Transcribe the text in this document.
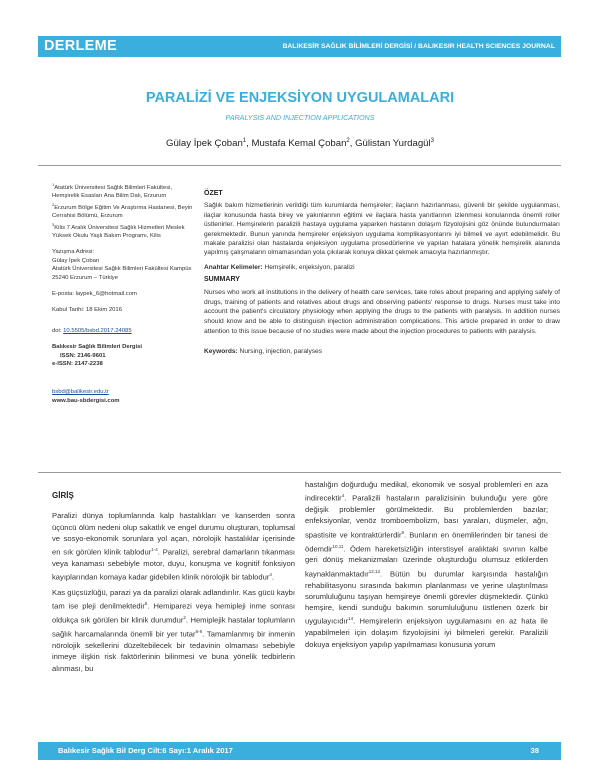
DERLEME	BALIKESİR SAĞLIK BİLİMLERİ DERGİSİ / BALIKESIR HEALTH SCIENCES JOURNAL
PARALİZİ VE ENJEKSİYON UYGULAMALARI
PARALYSIS AND INJECTION APPLICATIONS
Gülay İpek Çoban$^1$, Mustafa Kemal Çoban$^2$, Gülistan Yurdagül$^3$

$^1$Atatürk Üniversitesi Sağlık Bilimleri Fakültesi, Hemşirelik Esasları Ana Bilim Dalı, Erzurum

$^2$Erzurum Bölge Eğitim Ve Araştırma Hastanesi, Beyin Cerrahisi Bölümü, Erzurum

$^3$Kilis 7 Aralık Üniversitesi Sağlık Hizmetleri Meslek Yüksek Okulu Yaşlı Bakım Programı, Kilis

Yazışma Adresi:

Gülay İpek Çoban

Atatürk Üniversitesi Sağlık Bilimleri Fakültesi Kampüs 25240 Erzurum – Türkiye

E-posta: laypek_6@hotmail.com

Kabul Tarihi: 18 Ekim 2016

doi: 10.5505/bsbd.2017.24085

Balıkesir Sağlık Bilimleri Dergisi

ISSN: 2146-9601

e-ISSN: 2147-2238

bsbd@balikesir.edu.tr

www.bau-sbdergisi.com

ÖZET
Sağlık bakım hizmetlerinin verildiği tüm kurumlarda hemşireler; ilaçların hazırlanması, güvenli bir şekilde uygulanması, ilaçlar konusunda hasta birey ve yakınlarının eğitimi ve ilaçlara hasta yanıtlarının izlenmesi konularında önemli roller üstlenirler. Hemşirelerin paralizili hastaya uygulama yaparken hastanın dolaşım fizyolojisini göz önünde bulundurmaları gerekmektedir. Bunun yanında hemşireler enjeksiyon uygulama komplikasyonlarını iyi bilmeli ve ayırt edebilmelidir. Bu makale paralizisi olan hastalarda enjeksiyon uygulama prosedürlerine ve yapılan hatalara yönelik hemşirelik alanında yapılmış çalışmaların olmamasından yola çıkılarak konuya dikkat çekmek amacıyla hazırlanmıştır.
Anahtar Kelimeler: Hemşirelik, enjeksiyon, paralizi
SUMMARY
Nurses who work all institutions in the delivery of health care services, take roles about preparing and applying safely of drugs, training of patients and relatives about drugs and observing patients' response to drugs. Nurses must take into account the patient's circulatory physiology when applying the drugs to the patients with paralysis. In addition nurses should know and be able to distinguish injection administration complications. This article prepared in order to draw attention to this issue because of no studies were made about the injection procedures to patients with paralysis.
Keywords: Nursing, injection, paralyses
GİRİŞ
Paralizi dünya toplumlarında kalp hastalıkları ve kanserden sonra üçüncü ölüm nedeni olup sakatlık ve engel durumu oluşturan, toplumsal ve sosyo-ekonomik sorunlara yol açan, nörolojik hastalıklar içerisinde en sık görülen klinik tablodur$^{1-4}$. Paralizi, serebral damarların tıkanması veya kanaması sebebiyle motor, duyu, konuşma ve kognitif fonksiyon kayıplarından komaya kadar gidebilen klinik nörolojik bir tablodur$^4$.
Kas güçsüzlüğü, parazi ya da paralizi olarak adlandırılır. Kas gücü kaybı tam ise pleji denilmektedir$^5$. Hemiparezi veya hemipleji inme sonrası oldukça sık görülen bir klinik durumdur$^2$. Hemiplejik hastalar toplumların sağlık harcamalarında önemli bir yer tutar$^{6-8}$. Tamamlanmış bir inmenin nörolojik sekellerini düzeltebilecek bir tedavinin olmaması sebebiyle inmeye ilişkin risk faktörlerinin bilinmesi ve buna yönelik tedbirlerin alınması, bu
hastalığın doğurduğu medikal, ekonomik ve sosyal problemleri en aza indirecektir$^4$. Paralizili hastaların paralizisinin bulunduğu yere göre değişik problemler görülmektedir. Bu problemlerden bazılar; enfeksiyonlar, venöz tromboembolizm, bası yaraları, düşmeler, ağrı, spastisite ve kontraktürlerdir$^9$. Bunların en önemlilerinden bir tanesi de ödemdir$^{10,11}$. Ödem hareketsizliğin interstisyel aralıktaki sıvının kalbe geri dönüş mekanizmaları üzerinde oluşturduğu olumsuz etkilerden kaynaklanmaktadır$^{12,13}$. Bütün bu durumlar karşısında hastalığın rehabilitasyonu sırasında bakımın planlanması ve yerine ulaştırılması sorumluluğunu taşıyan hemşireye önemli görevler düşmektedir. Çünkü hemşire, kendi sunduğu bakımın sorumluluğunu üstlenen özerk bir uygulayıcıdır$^{14}$. Hemşirelerin enjeksiyon uygulamasını en az hata ile yapabilmeleri için dolaşım fizyolojisini iyi bilmeleri gerekir. Paralizili dokuya enjeksiyon yapılıp yapılmaması konusuna yorum
Balıkesir Sağlık Bil Derg Cilt:6 Sayı:1 Aralık 2017	38
